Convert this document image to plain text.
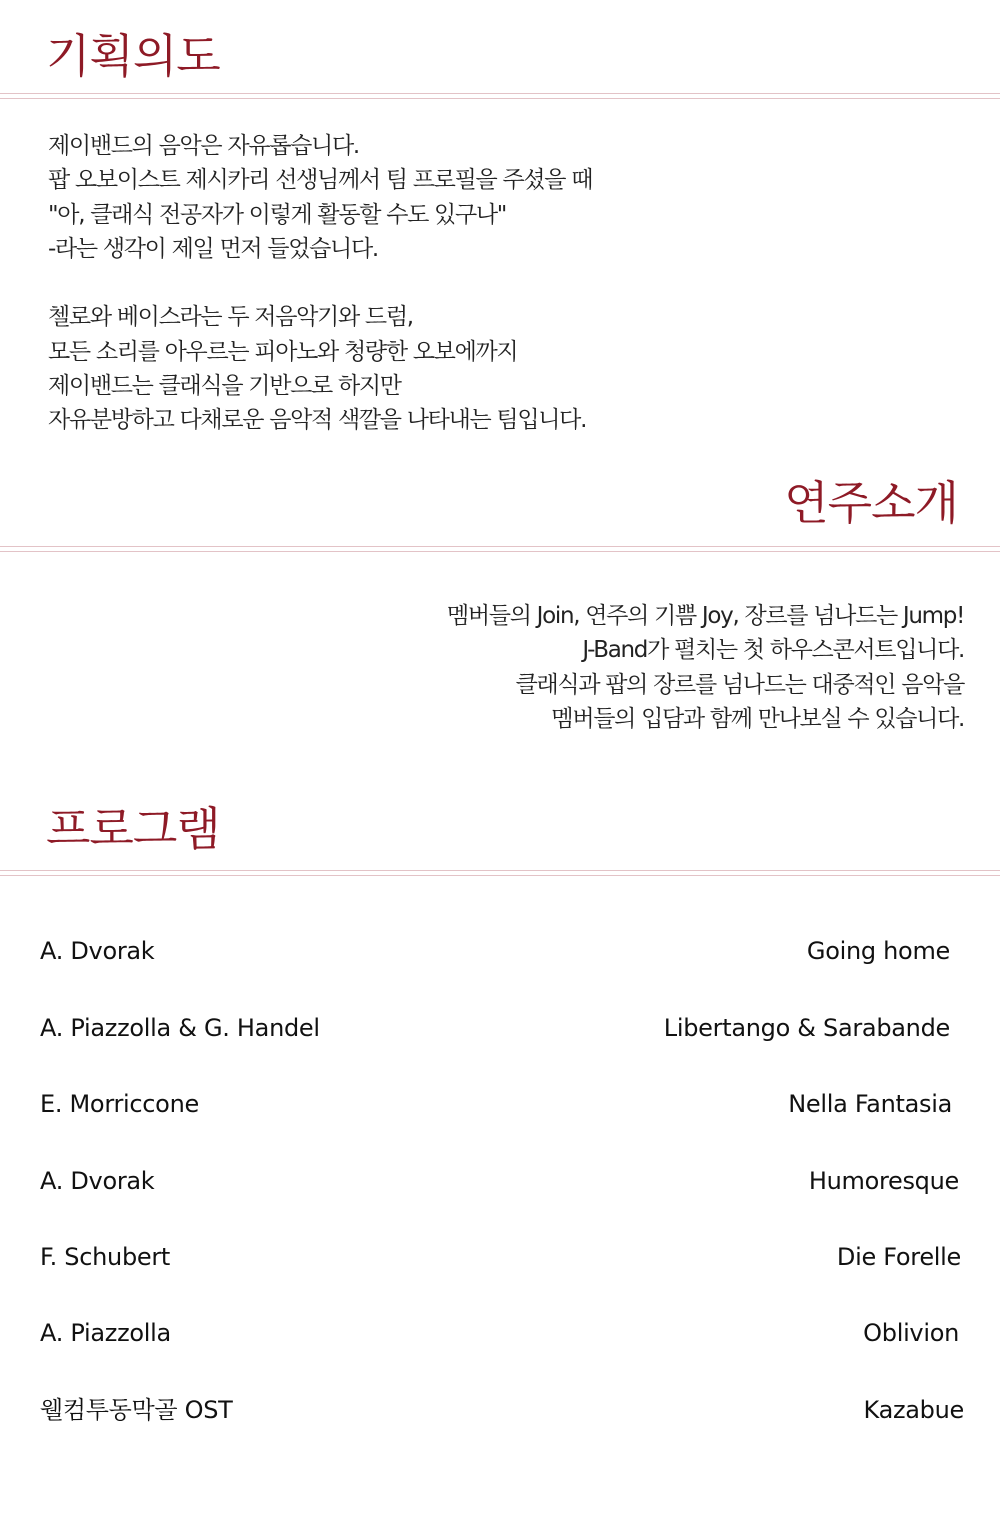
기획의도

제이밴드의 음악은 자유롭습니다.
팝 오보이스트 제시카리 선생님께서 팀 프로필을 주셨을 때
"아, 클래식 전공자가 이렇게 활동할 수도 있구나"
-라는 생각이 제일 먼저 들었습니다.

첼로와 베이스라는 두 저음악기와 드럼,
모든 소리를 아우르는 피아노와 청량한 오보에까지
제이밴드는 클래식을 기반으로 하지만
자유분방하고 다채로운 음악적 색깔을 나타내는 팀입니다.

연주소개

멤버들의 Join, 연주의 기쁨 Joy, 장르를 넘나드는 Jump!
J-Band가 펼치는 첫 하우스콘서트입니다.
클래식과 팝의 장르를 넘나드는 대중적인 음악을
멤버들의 입담과 함께 만나보실 수 있습니다.

프로그램
A. Dvorak	Going home
A. Piazzolla & G. Handel	Libertango & Sarabande
E. Morriccone	Nella Fantasia
A. Dvorak	Humoresque
F. Schubert	Die Forelle
A. Piazzolla	Oblivion
웰컴투동막골 OST	Kazabue
